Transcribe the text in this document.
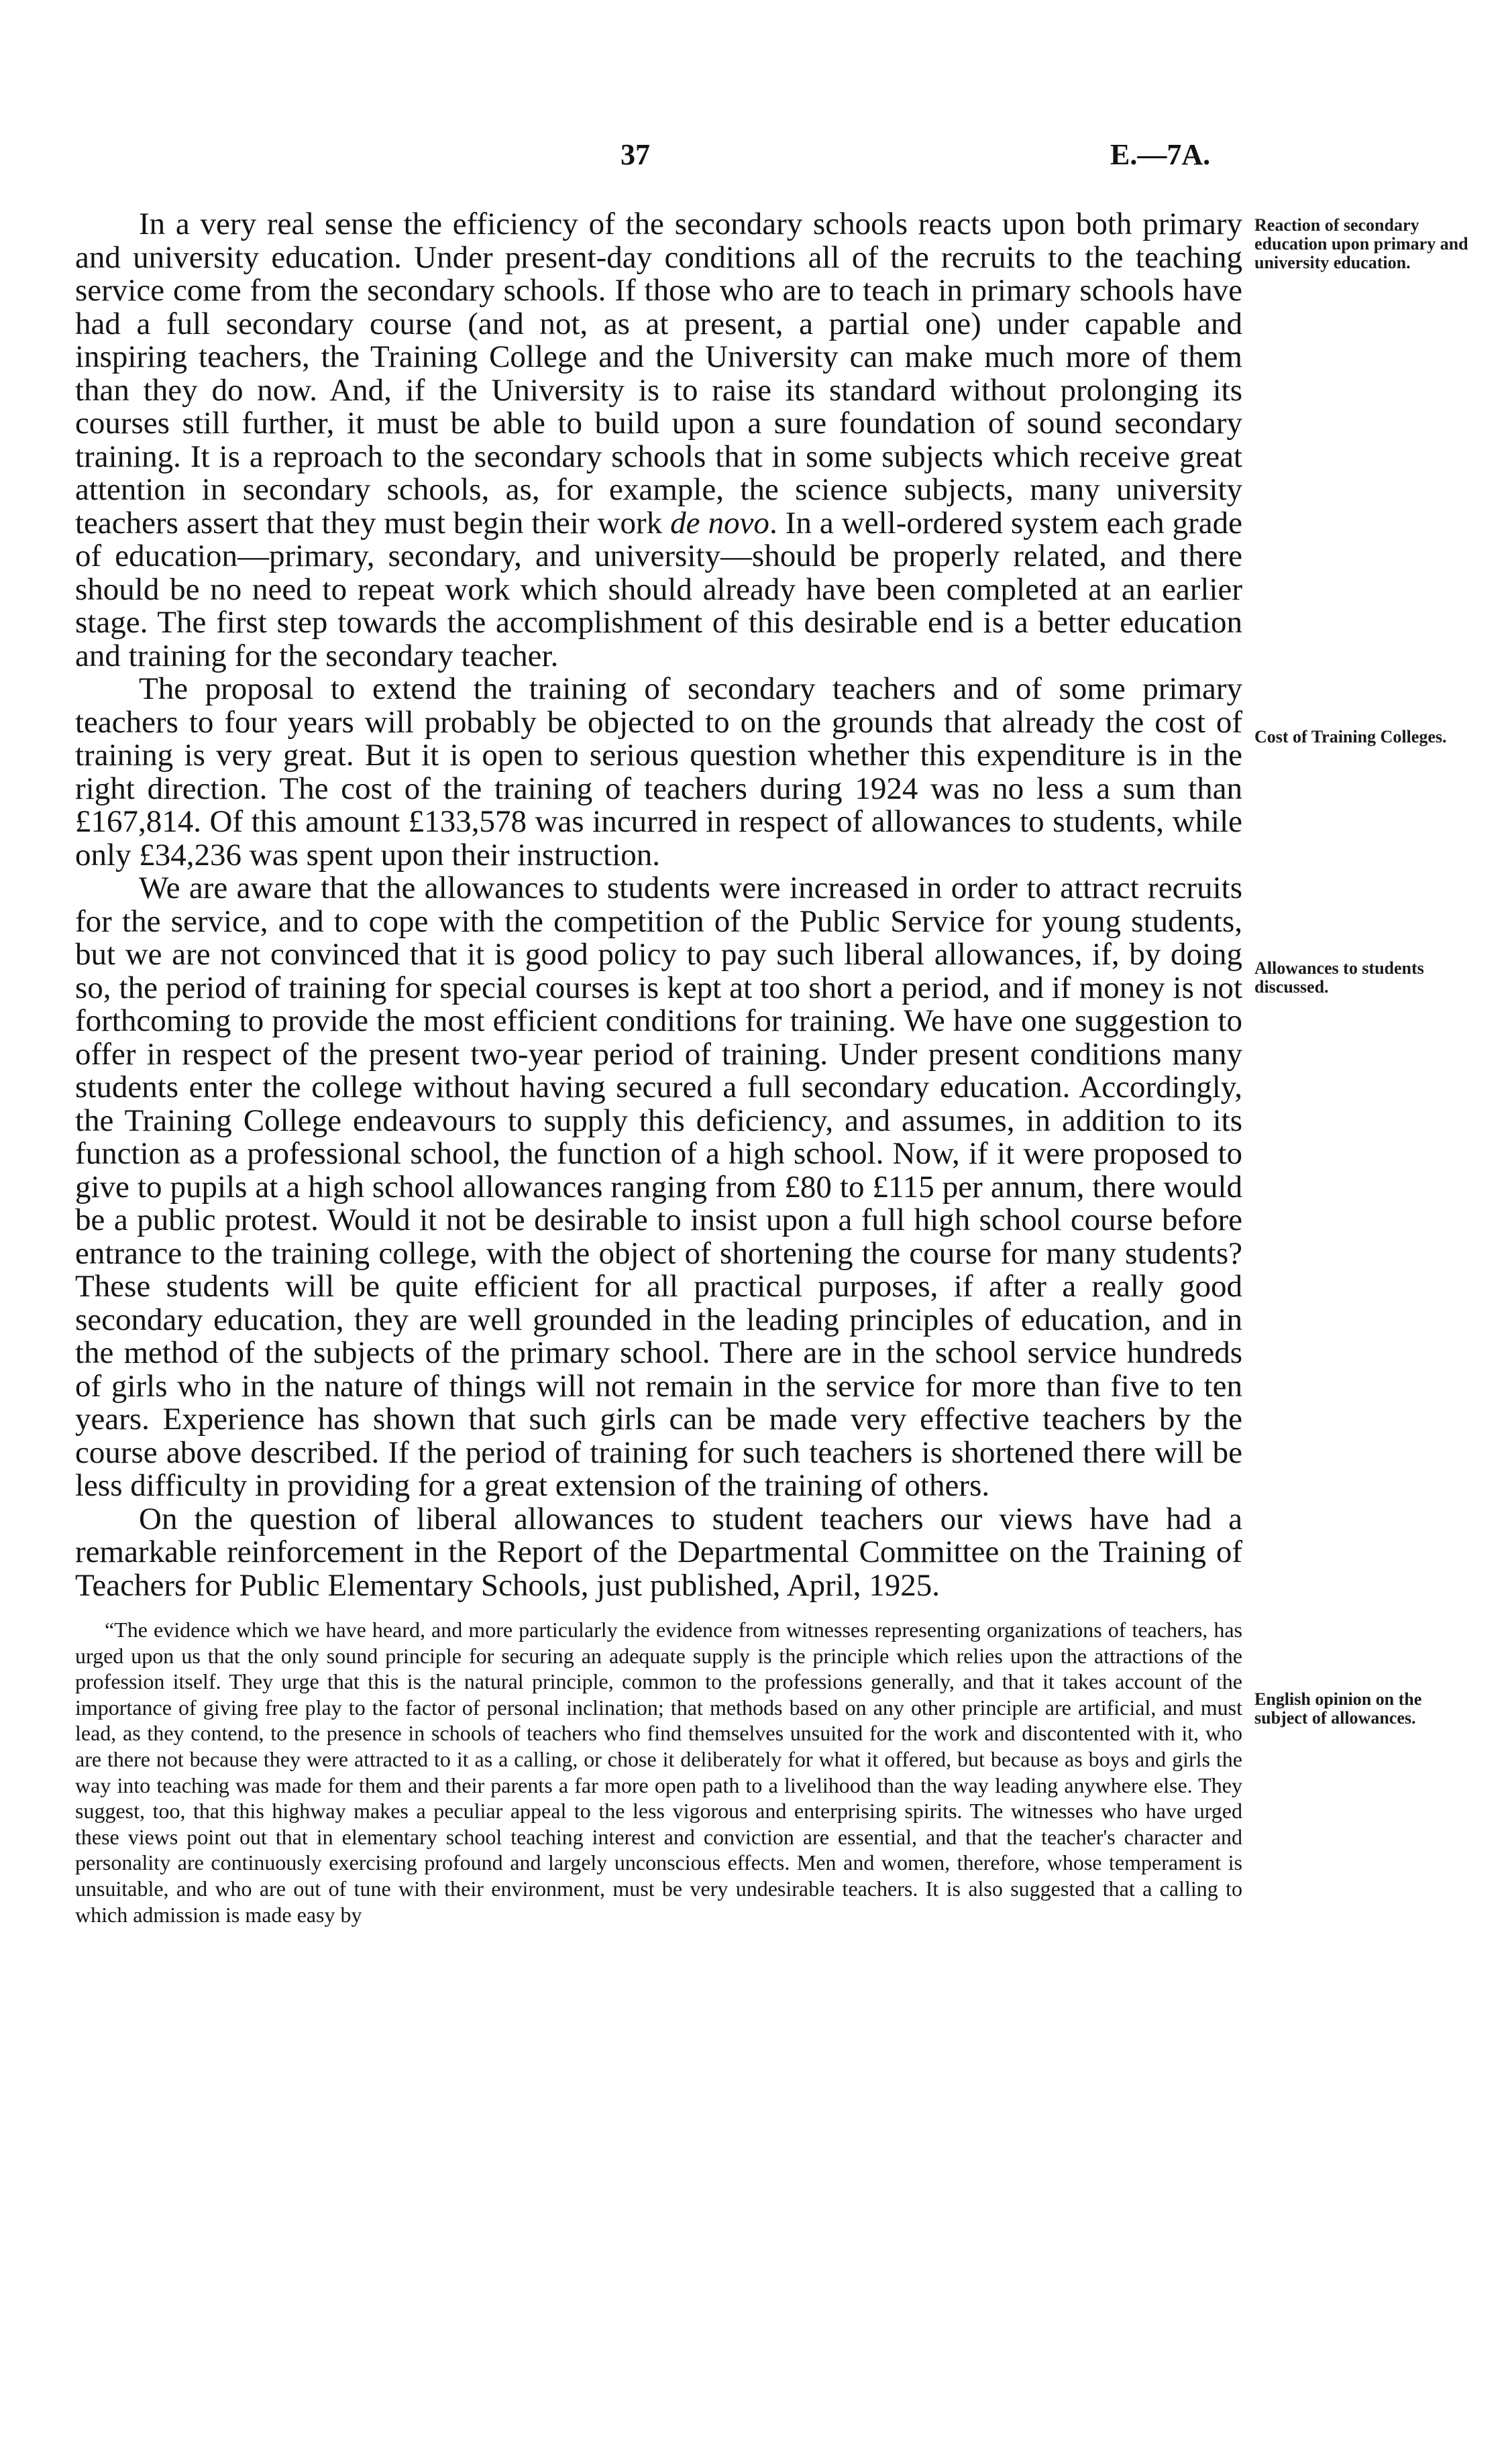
37	E.—7A.

In a very real sense the efficiency of the secondary schools reacts upon both primary and university education. Under present-day conditions all of the recruits to the teaching service come from the secondary schools. If those who are to teach in primary schools have had a full secondary course (and not, as at present, a partial one) under capable and inspiring teachers, the Training College and the University can make much more of them than they do now. And, if the University is to raise its standard without prolonging its courses still further, it must be able to build upon a sure foundation of sound secondary training. It is a reproach to the secondary schools that in some subjects which receive great attention in secondary schools, as, for example, the science subjects, many university teachers assert that they must begin their work de novo. In a well-ordered system each grade of education—primary, secondary, and university—should be properly related, and there should be no need to repeat work which should already have been completed at an earlier stage. The first step towards the accomplishment of this desirable end is a better education and training for the secondary teacher.

The proposal to extend the training of secondary teachers and of some primary teachers to four years will probably be objected to on the grounds that already the cost of training is very great. But it is open to serious question whether this expenditure is in the right direction. The cost of the training of teachers during 1924 was no less a sum than £167,814. Of this amount £133,578 was incurred in respect of allowances to students, while only £34,236 was spent upon their instruction.

We are aware that the allowances to students were increased in order to attract recruits for the service, and to cope with the competition of the Public Service for young students, but we are not convinced that it is good policy to pay such liberal allowances, if, by doing so, the period of training for special courses is kept at too short a period, and if money is not forthcoming to provide the most efficient conditions for training. We have one suggestion to offer in respect of the present two-year period of training. Under present conditions many students enter the college without having secured a full secondary education. Accordingly, the Training College endeavours to supply this deficiency, and assumes, in addition to its function as a professional school, the function of a high school. Now, if it were proposed to give to pupils at a high school allowances ranging from £80 to £115 per annum, there would be a public protest. Would it not be desirable to insist upon a full high school course before entrance to the training college, with the object of shortening the course for many students? These students will be quite efficient for all practical purposes, if after a really good secondary education, they are well grounded in the leading principles of education, and in the method of the subjects of the primary school. There are in the school service hundreds of girls who in the nature of things will not remain in the service for more than five to ten years. Experience has shown that such girls can be made very effective teachers by the course above described. If the period of training for such teachers is shortened there will be less difficulty in providing for a great extension of the training of others.

On the question of liberal allowances to student teachers our views have had a remarkable reinforcement in the Report of the Departmental Committee on the Training of Teachers for Public Elementary Schools, just published, April, 1925.

“The evidence which we have heard, and more particularly the evidence from witnesses representing organizations of teachers, has urged upon us that the only sound principle for securing an adequate supply is the principle which relies upon the attractions of the profession itself. They urge that this is the natural principle, common to the professions generally, and that it takes account of the importance of giving free play to the factor of personal inclination; that methods based on any other principle are artificial, and must lead, as they contend, to the presence in schools of teachers who find themselves unsuited for the work and discontented with it, who are there not because they were attracted to it as a calling, or chose it deliberately for what it offered, but because as boys and girls the way into teaching was made for them and their parents a far more open path to a livelihood than the way leading anywhere else. They suggest, too, that this highway makes a peculiar appeal to the less vigorous and enterprising spirits. The witnesses who have urged these views point out that in elementary school teaching interest and conviction are essential, and that the teacher's character and personality are continuously exercising profound and largely unconscious effects. Men and women, therefore, whose temperament is unsuitable, and who are out of tune with their environment, must be very undesirable teachers. It is also suggested that a calling to which admission is made easy by

Reaction of secondary education upon primary and university education.
Cost of Training Colleges.
Allowances to students discussed.
English opinion on the subject of allowances.
